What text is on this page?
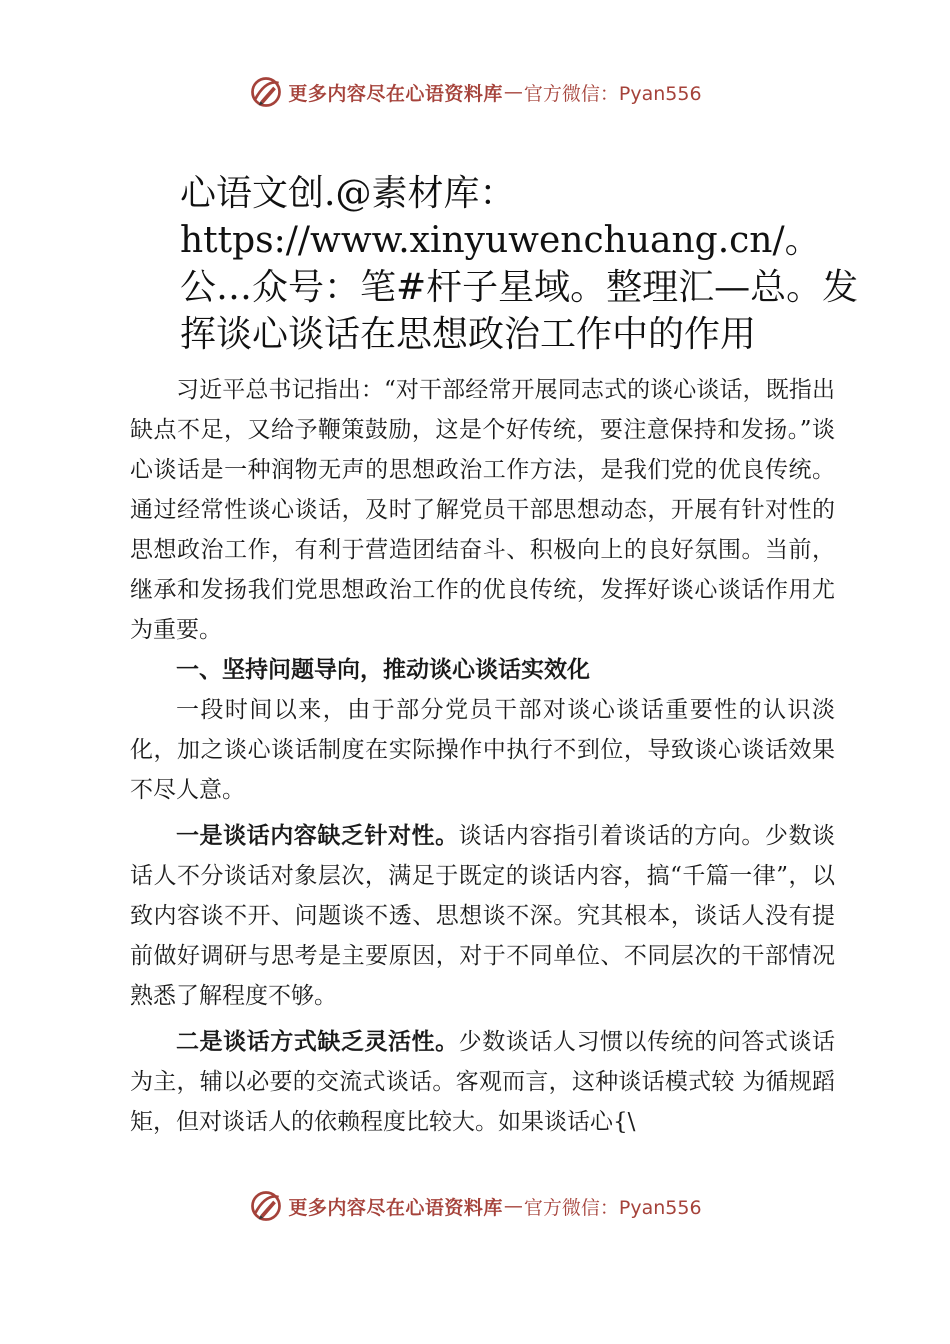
更多内容尽在心语资料库 — 官方微信：Pyan556
心语文创.@素材库：https://www.xinyuwenchuang.cn/。公…众号：笔#杆子星域。整理汇—总。发挥谈心谈话在思想政治工作中的作用

习近平总书记指出：“对干部经常开展同志式的谈心谈话，既指出缺点不足，又给予鞭策鼓励，这是个好传统，要注意保持和发扬。”谈心谈话是一种润物无声的思想政治工作方法，是我们党的优良传统。通过经常性谈心谈话，及时了解党员干部思想动态，开展有针对性的思想政治工作，有利于营造团结奋斗、积极向上的良好氛围。当前，继承和发扬我们党思想政治工作的优良传统，发挥好谈心谈话作用尤为重要。

一、坚持问题导向，推动谈心谈话实效化

一段时间以来，由于部分党员干部对谈心谈话重要性的认识淡化，加之谈心谈话制度在实际操作中执行不到位，导致谈心谈话效果不尽人意。

一是谈话内容缺乏针对性。谈话内容指引着谈话的方向。少数谈话人不分谈话对象层次，满足于既定的谈话内容，搞“千篇一律”，以致内容谈不开、问题谈不透、思想谈不深。究其根本，谈话人没有提前做好调研与思考是主要原因，对于不同单位、不同层次的干部情况熟悉了解程度不够。

二是谈话方式缺乏灵活性。少数谈话人习惯以传统的问答式谈话为主，辅以必要的交流式谈话。客观而言，这种谈话模式较 为循规蹈矩，但对谈话人的依赖程度比较大。如果谈话心{\

更多内容尽在心语资料库 — 官方微信：Pyan556
